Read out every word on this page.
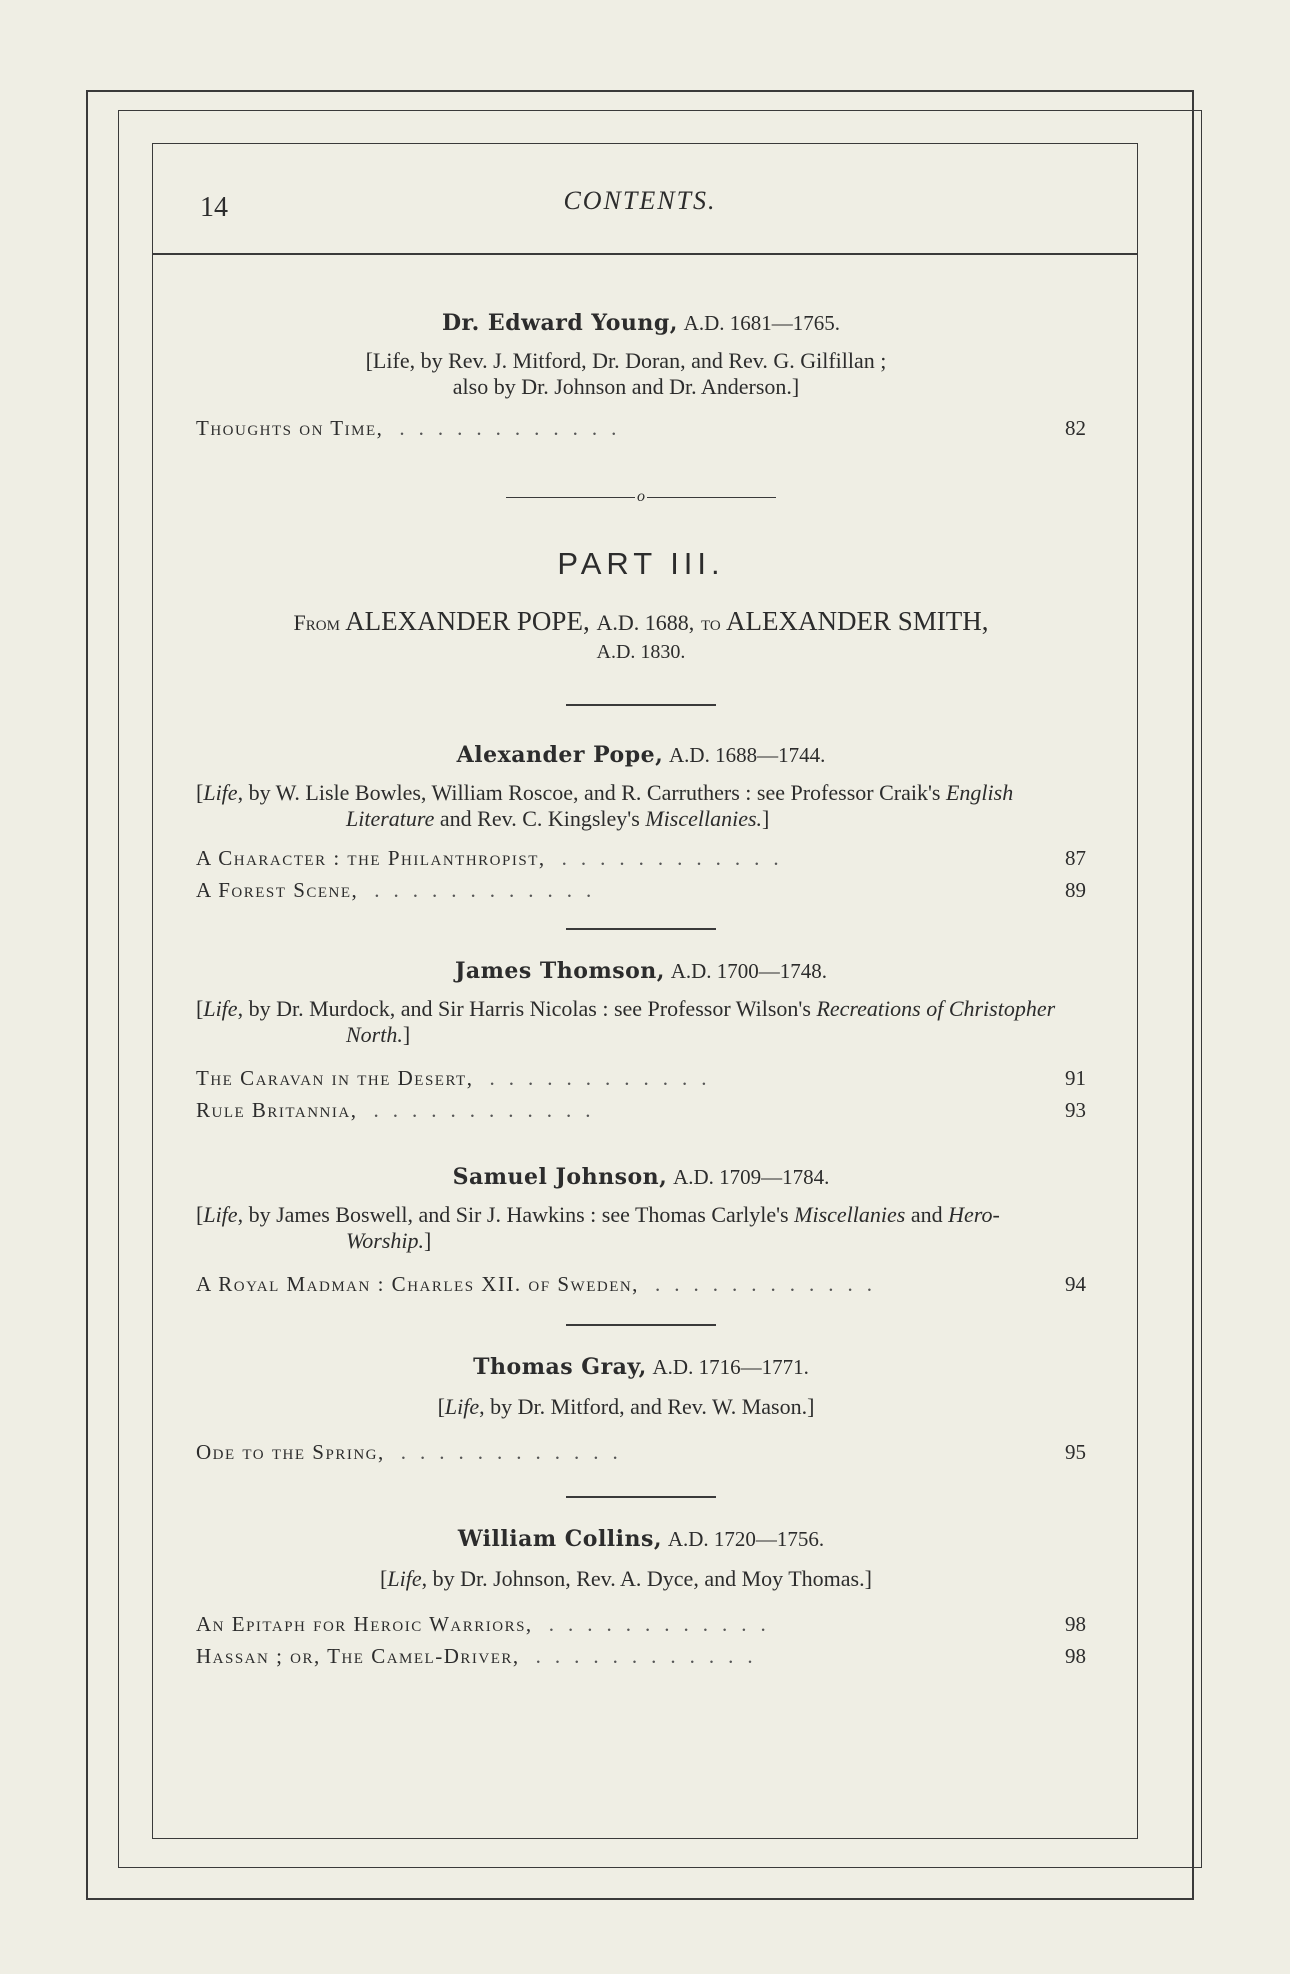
14	CONTENTS.

Dr. Edward Young, A.D. 1681—1765.

[Life, by Rev. J. Mitford, Dr. Doran, and Rev. G. Gilfillan ;
also by Dr. Johnson and Dr. Anderson.]

Thoughts on Time, ............	82
o

PART III.

From ALEXANDER POPE, A.D. 1688, to ALEXANDER SMITH,

A.D. 1830.

Alexander Pope, A.D. 1688—1744.

[Life, by W. Lisle Bowles, William Roscoe, and R. Carruthers : see Professor Craik's English Literature and Rev. C. Kingsley's Miscellanies.]

A Character : the Philanthropist, ............	87
A Forest Scene, ............	89

James Thomson, A.D. 1700—1748.

[Life, by Dr. Murdock, and Sir Harris Nicolas : see Professor Wilson's Recreations of Christopher North.]

The Caravan in the Desert, ............	91
Rule Britannia, ............	93

Samuel Johnson, A.D. 1709—1784.

[Life, by James Boswell, and Sir J. Hawkins : see Thomas Carlyle's Miscellanies and Hero-Worship.]

A Royal Madman : Charles XII. of Sweden, ............	94

Thomas Gray, A.D. 1716—1771.

[Life, by Dr. Mitford, and Rev. W. Mason.]

Ode to the Spring, ............	95

William Collins, A.D. 1720—1756.

[Life, by Dr. Johnson, Rev. A. Dyce, and Moy Thomas.]

An Epitaph for Heroic Warriors, ............	98
Hassan ; or, The Camel-Driver, ............	98
